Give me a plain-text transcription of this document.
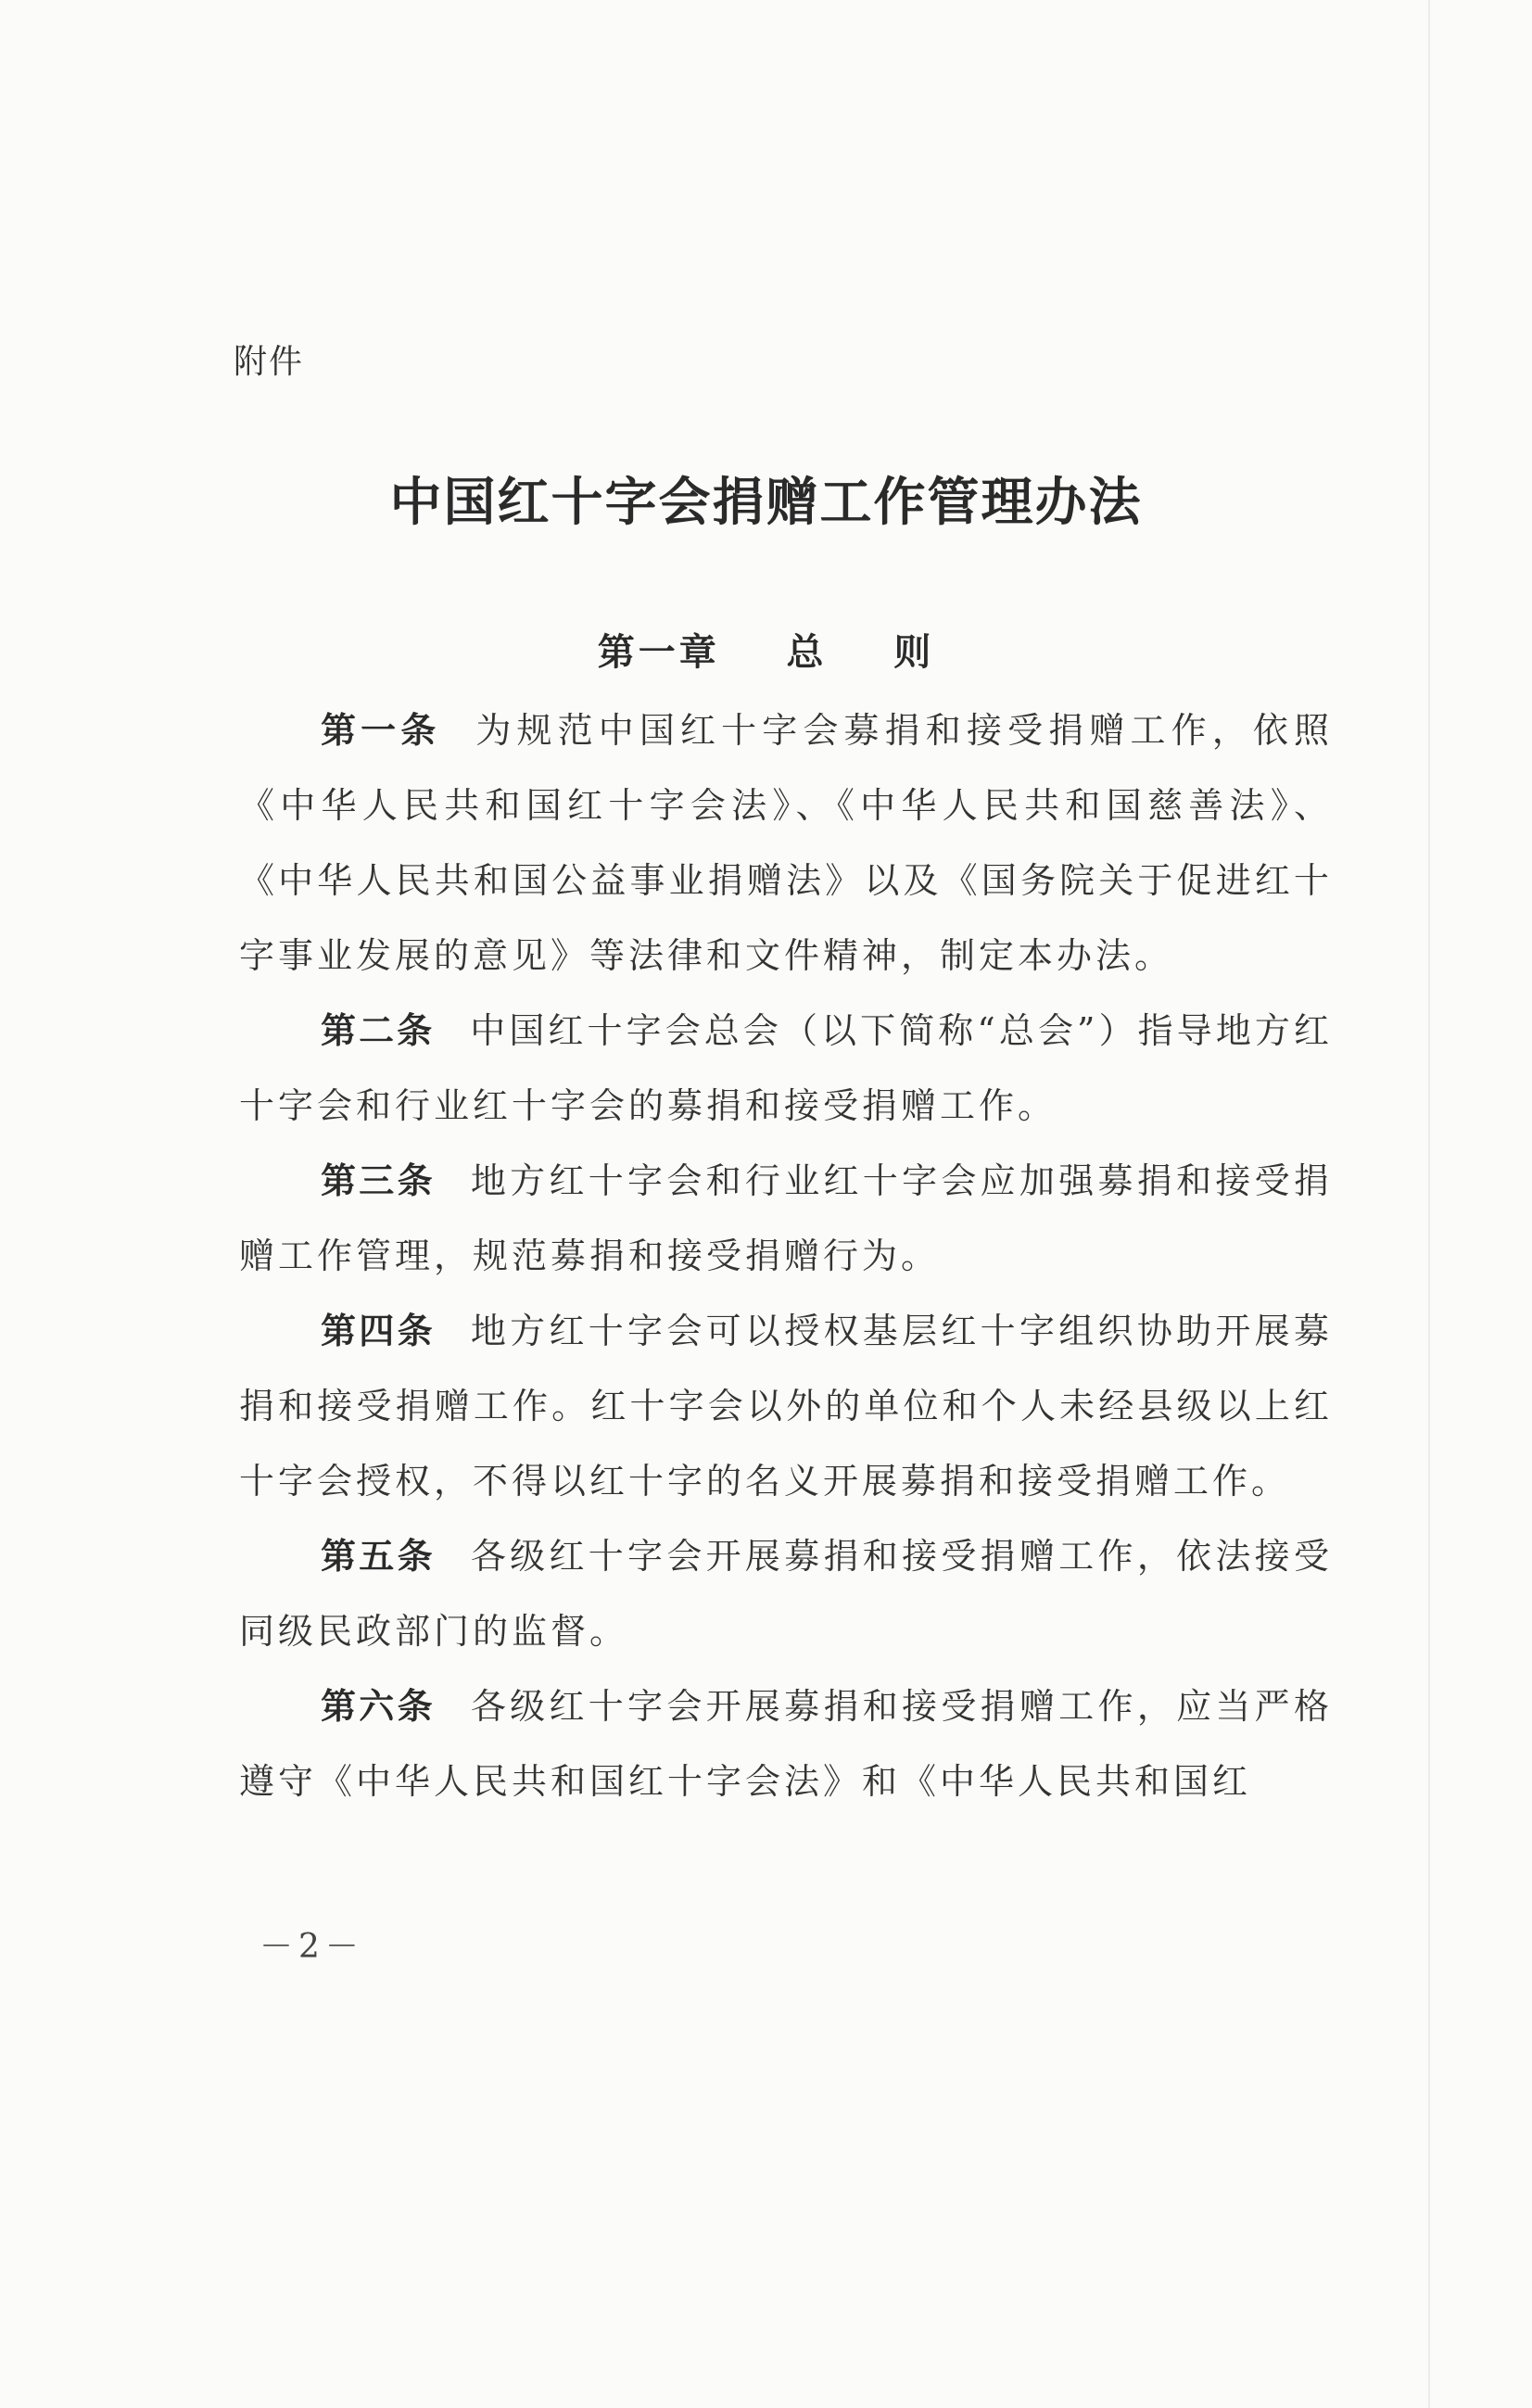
附件
中国红十字会捐赠工作管理办法
第一章    总    则

第一条 为规范中国红十字会募捐和接受捐赠工作，依照《中华人民共和国红十字会法》、《中华人民共和国慈善法》、《中华人民共和国公益事业捐赠法》以及《国务院关于促进红十字事业发展的意见》等法律和文件精神，制定本办法。

第二条 中国红十字会总会（以下简称“总会”）指导地方红十字会和行业红十字会的募捐和接受捐赠工作。

第三条 地方红十字会和行业红十字会应加强募捐和接受捐赠工作管理，规范募捐和接受捐赠行为。

第四条 地方红十字会可以授权基层红十字组织协助开展募捐和接受捐赠工作。红十字会以外的单位和个人未经县级以上红十字会授权，不得以红十字的名义开展募捐和接受捐赠工作。

第五条 各级红十字会开展募捐和接受捐赠工作，依法接受同级民政部门的监督。

第六条 各级红十字会开展募捐和接受捐赠工作，应当严格遵守《中华人民共和国红十字会法》和《中华人民共和国红

－2－
